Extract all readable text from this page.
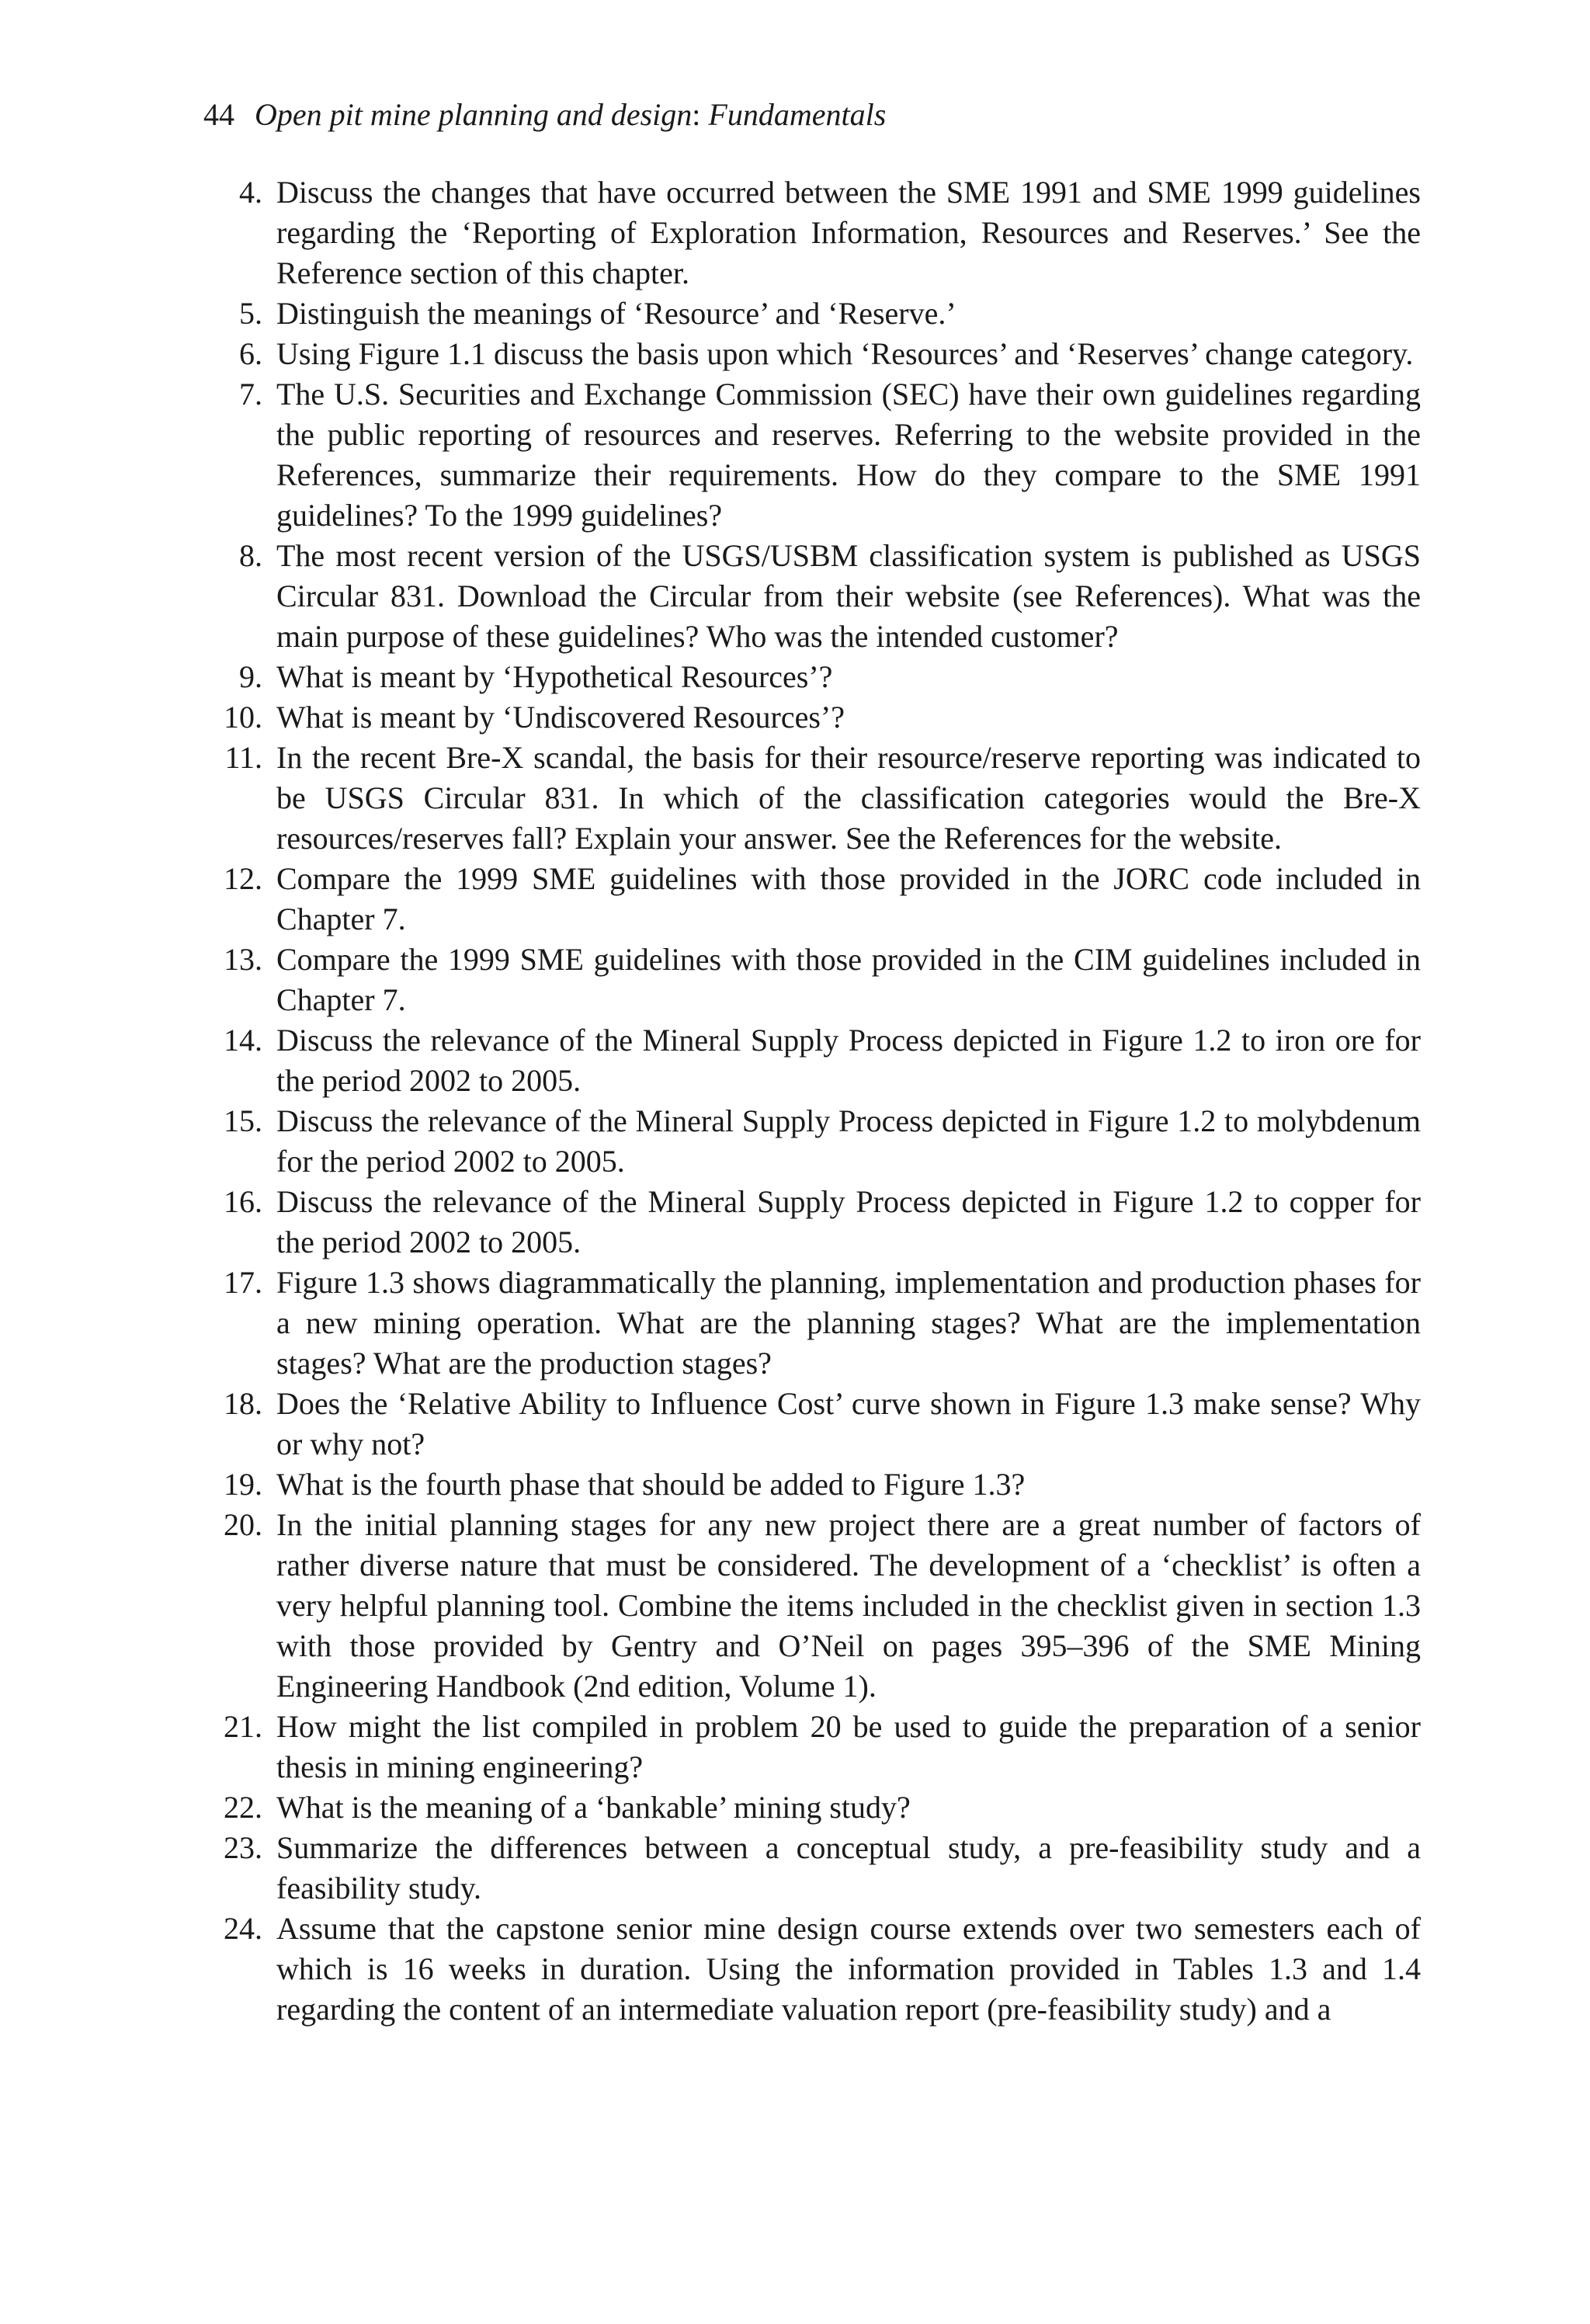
44 Open pit mine planning and design: Fundamentals
4. Discuss the changes that have occurred between the SME 1991 and SME 1999 guidelines regarding the ‘Reporting of Exploration Information, Resources and Reserves.’ See the Reference section of this chapter.
5. Distinguish the meanings of ‘Resource’ and ‘Reserve.’
6. Using Figure 1.1 discuss the basis upon which ‘Resources’ and ‘Reserves’ change category.
7. The U.S. Securities and Exchange Commission (SEC) have their own guidelines regarding the public reporting of resources and reserves. Referring to the website provided in the References, summarize their requirements. How do they compare to the SME 1991 guidelines? To the 1999 guidelines?
8. The most recent version of the USGS/USBM classification system is published as USGS Circular 831. Download the Circular from their website (see References). What was the main purpose of these guidelines? Who was the intended customer?
9. What is meant by ‘Hypothetical Resources’?
10. What is meant by ‘Undiscovered Resources’?
11. In the recent Bre-X scandal, the basis for their resource/reserve reporting was indicated to be USGS Circular 831. In which of the classification categories would the Bre-X resources/reserves fall? Explain your answer. See the References for the website.
12. Compare the 1999 SME guidelines with those provided in the JORC code included in Chapter 7.
13. Compare the 1999 SME guidelines with those provided in the CIM guidelines included in Chapter 7.
14. Discuss the relevance of the Mineral Supply Process depicted in Figure 1.2 to iron ore for the period 2002 to 2005.
15. Discuss the relevance of the Mineral Supply Process depicted in Figure 1.2 to molybdenum for the period 2002 to 2005.
16. Discuss the relevance of the Mineral Supply Process depicted in Figure 1.2 to copper for the period 2002 to 2005.
17. Figure 1.3 shows diagrammatically the planning, implementation and production phases for a new mining operation. What are the planning stages? What are the implementation stages? What are the production stages?
18. Does the ‘Relative Ability to Influence Cost’ curve shown in Figure 1.3 make sense? Why or why not?
19. What is the fourth phase that should be added to Figure 1.3?
20. In the initial planning stages for any new project there are a great number of factors of rather diverse nature that must be considered. The development of a ‘checklist’ is often a very helpful planning tool. Combine the items included in the checklist given in section 1.3 with those provided by Gentry and O’Neil on pages 395–396 of the SME Mining Engineering Handbook (2nd edition, Volume 1).
21. How might the list compiled in problem 20 be used to guide the preparation of a senior thesis in mining engineering?
22. What is the meaning of a ‘bankable’ mining study?
23. Summarize the differences between a conceptual study, a pre-feasibility study and a feasibility study.
24. Assume that the capstone senior mine design course extends over two semesters each of which is 16 weeks in duration. Using the information provided in Tables 1.3 and 1.4 regarding the content of an intermediate valuation report (pre-feasibility study) and a
